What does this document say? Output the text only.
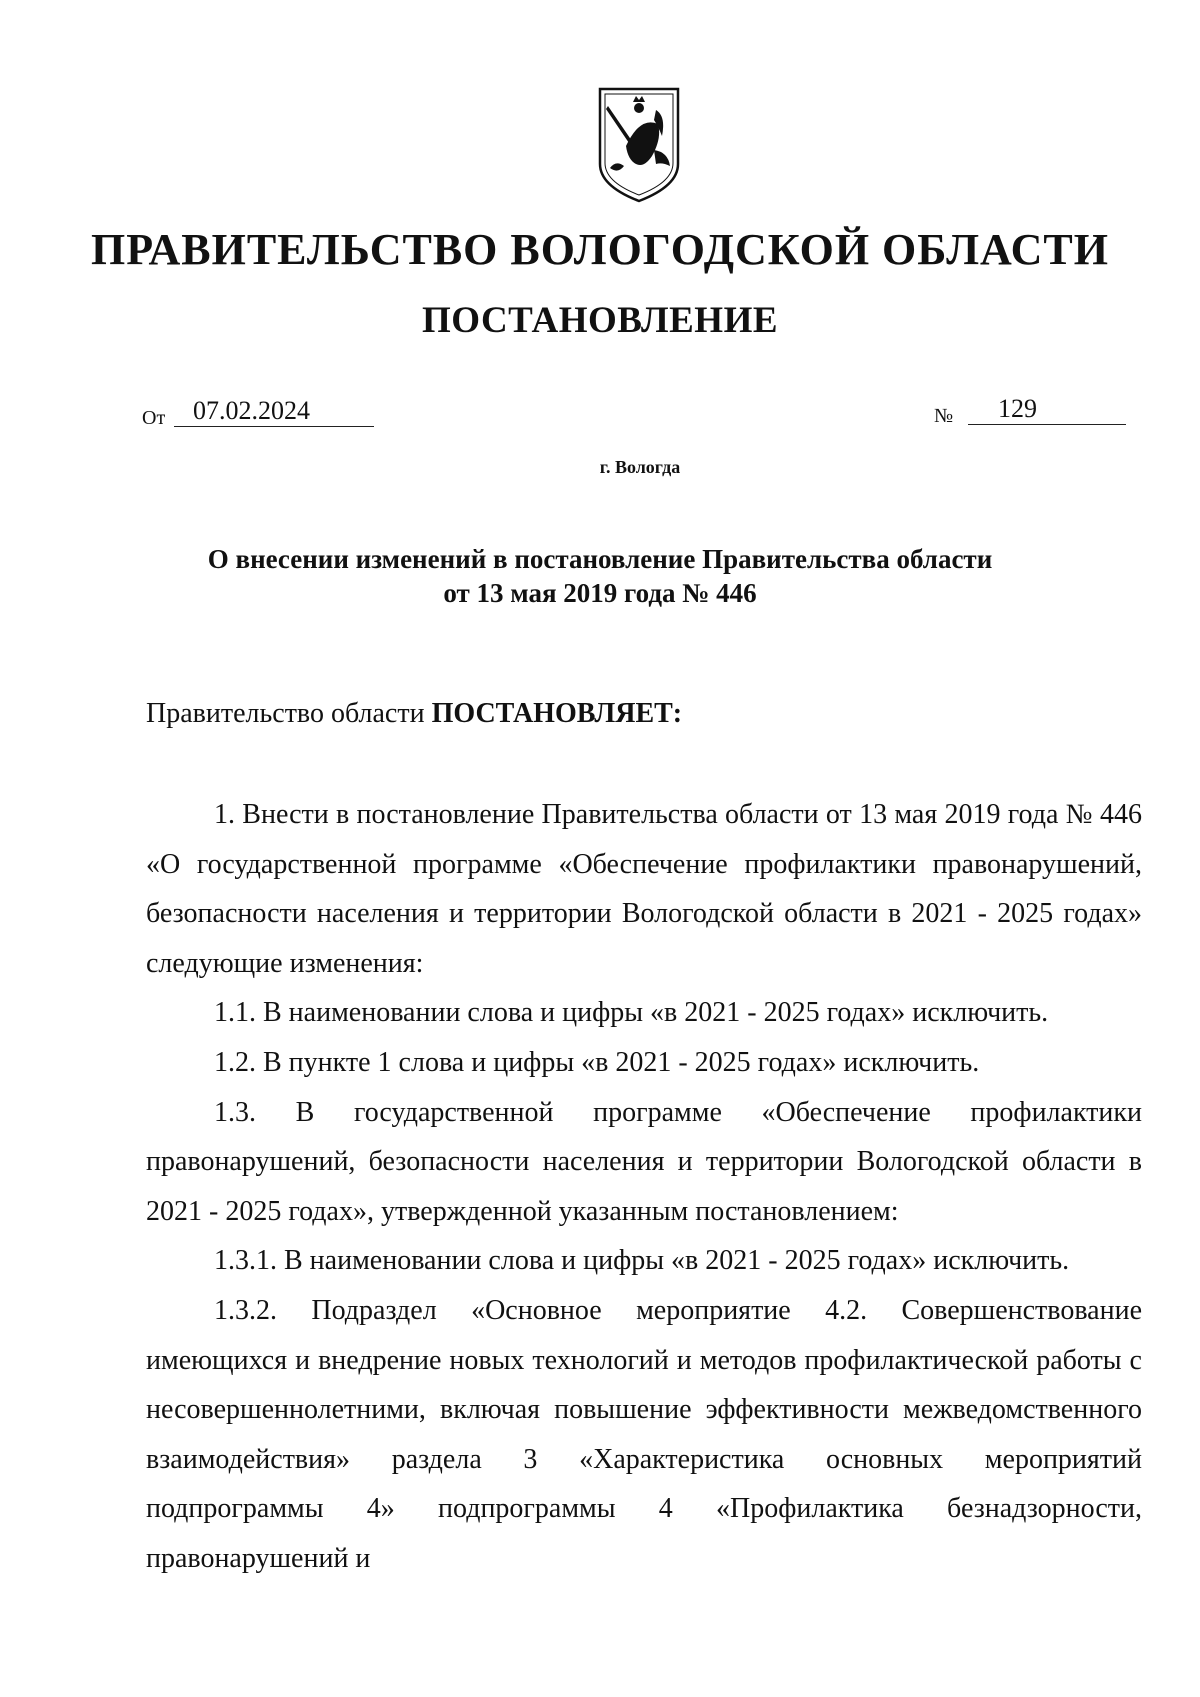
ПРАВИТЕЛЬСТВО ВОЛОГОДСКОЙ ОБЛАСТИ
ПОСТАНОВЛЕНИЕ
От 07.02.2024	№ 129
г. Вологда
О внесении изменений в постановление Правительства области
от 13 мая 2019 года № 446
Правительство области ПОСТАНОВЛЯЕТ:

1. Внести в постановление Правительства области от 13 мая 2019 года № 446 «О государственной программе «Обеспечение профилактики правонарушений, безопасности населения и территории Вологодской области в 2021 - 2025 годах» следующие изменения:

1.1. В наименовании слова и цифры «в 2021 - 2025 годах» исключить.

1.2. В пункте 1 слова и цифры «в 2021 - 2025 годах» исключить.

1.3. В государственной программе «Обеспечение профилактики правонарушений, безопасности населения и территории Вологодской области в 2021 - 2025 годах», утвержденной указанным постановлением:

1.3.1. В наименовании слова и цифры «в 2021 - 2025 годах» исключить.

1.3.2. Подраздел «Основное мероприятие 4.2. Совершенствование имеющихся и внедрение новых технологий и методов профилактической работы с несовершеннолетними, включая повышение эффективности межведомственного взаимодействия» раздела 3 «Характеристика основных мероприятий подпрограммы 4» подпрограммы 4 «Профилактика безнадзорности, правонарушений и
